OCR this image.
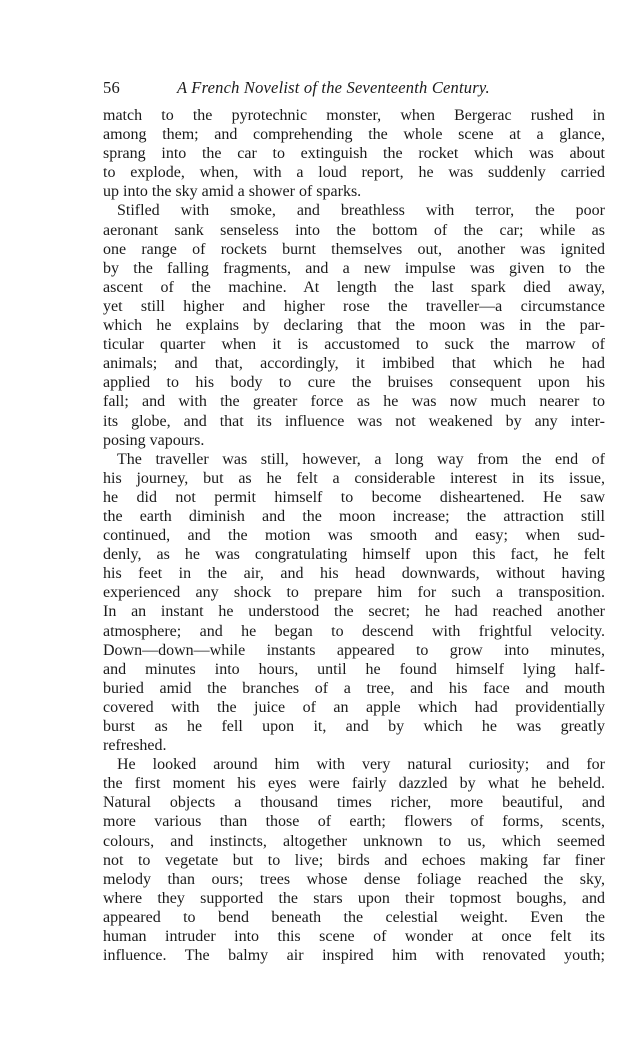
56	A French Novelist of the Seventeenth Century.
match to the pyrotechnic monster, when Bergerac rushed in
among them; and comprehending the whole scene at a glance,
sprang into the car to extinguish the rocket which was about
to explode, when, with a loud report, he was suddenly carried
up into the sky amid a shower of sparks.
Stifled with smoke, and breathless with terror, the poor
aeronant sank senseless into the bottom of the car; while as
one range of rockets burnt themselves out, another was ignited
by the falling fragments, and a new impulse was given to the
ascent of the machine. At length the last spark died away,
yet still higher and higher rose the traveller—a circumstance
which he explains by declaring that the moon was in the par-
ticular quarter when it is accustomed to suck the marrow of
animals; and that, accordingly, it imbibed that which he had
applied to his body to cure the bruises consequent upon his
fall; and with the greater force as he was now much nearer to
its globe, and that its influence was not weakened by any inter-
posing vapours.
The traveller was still, however, a long way from the end of
his journey, but as he felt a considerable interest in its issue,
he did not permit himself to become disheartened. He saw
the earth diminish and the moon increase; the attraction still
continued, and the motion was smooth and easy; when sud-
denly, as he was congratulating himself upon this fact, he felt
his feet in the air, and his head downwards, without having
experienced any shock to prepare him for such a transposition.
In an instant he understood the secret; he had reached another
atmosphere; and he began to descend with frightful velocity.
Down—down—while instants appeared to grow into minutes,
and minutes into hours, until he found himself lying half-
buried amid the branches of a tree, and his face and mouth
covered with the juice of an apple which had providentially
burst as he fell upon it, and by which he was greatly
refreshed.
He looked around him with very natural curiosity; and for
the first moment his eyes were fairly dazzled by what he beheld.
Natural objects a thousand times richer, more beautiful, and
more various than those of earth; flowers of forms, scents,
colours, and instincts, altogether unknown to us, which seemed
not to vegetate but to live; birds and echoes making far finer
melody than ours; trees whose dense foliage reached the sky,
where they supported the stars upon their topmost boughs, and
appeared to bend beneath the celestial weight. Even the
human intruder into this scene of wonder at once felt its
influence. The balmy air inspired him with renovated youth;
